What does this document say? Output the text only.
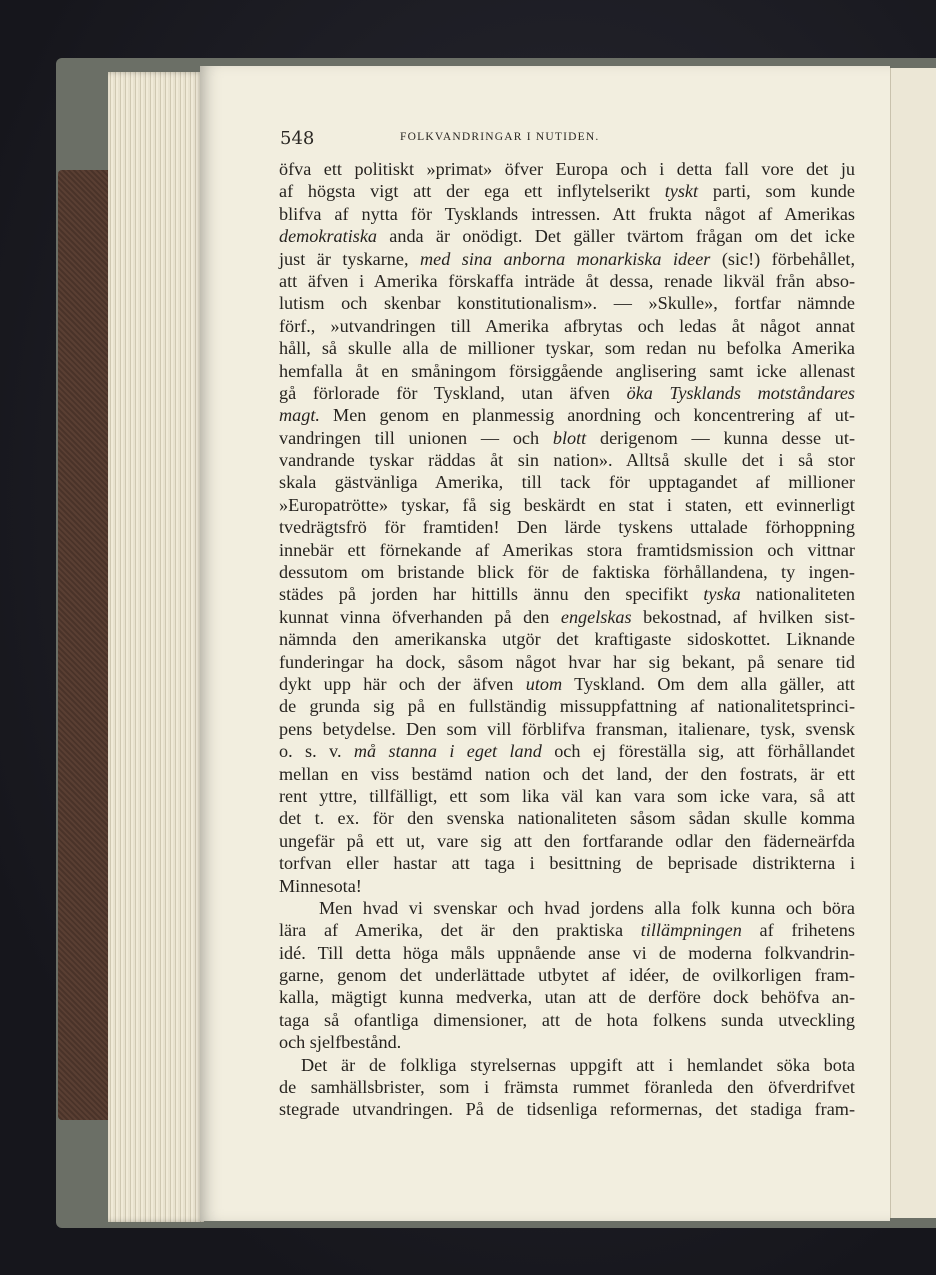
548	FOLKVANDRINGAR I NUTIDEN.
öfva ett politiskt »primat» öfver Europa och i detta fall vore det ju
af högsta vigt att der ega ett inflytelserikt tyskt parti, som kunde
blifva af nytta för Tysklands intressen. Att frukta något af Amerikas
demokratiska anda är onödigt. Det gäller tvärtom frågan om det icke
just är tyskarne, med sina anborna monarkiska ideer (sic!) förbehållet,
att äfven i Amerika förskaffa inträde åt dessa, renade likväl från abso-
lutism och skenbar konstitutionalism». — »Skulle», fortfar nämnde
förf., »utvandringen till Amerika afbrytas och ledas åt något annat
håll, så skulle alla de millioner tyskar, som redan nu befolka Amerika
hemfalla åt en småningom försiggående anglisering samt icke allenast
gå förlorade för Tyskland, utan äfven öka Tysklands motståndares
magt. Men genom en planmessig anordning och koncentrering af ut-
vandringen till unionen — och blott derigenom — kunna desse ut-
vandrande tyskar räddas åt sin nation». Alltså skulle det i så stor
skala gästvänliga Amerika, till tack för upptagandet af millioner
»Europatrötte» tyskar, få sig beskärdt en stat i staten, ett evinnerligt
tvedrägtsfrö för framtiden! Den lärde tyskens uttalade förhoppning
innebär ett förnekande af Amerikas stora framtidsmission och vittnar
dessutom om bristande blick för de faktiska förhållandena, ty ingen-
städes på jorden har hittills ännu den specifikt tyska nationaliteten
kunnat vinna öfverhanden på den engelskas bekostnad, af hvilken sist-
nämnda den amerikanska utgör det kraftigaste sidoskottet. Liknande
funderingar ha dock, såsom något hvar har sig bekant, på senare tid
dykt upp här och der äfven utom Tyskland. Om dem alla gäller, att
de grunda sig på en fullständig missuppfattning af nationalitetsprinci-
pens betydelse. Den som vill förblifva fransman, italienare, tysk, svensk
o. s. v. må stanna i eget land och ej föreställa sig, att förhållandet
mellan en viss bestämd nation och det land, der den fostrats, är ett
rent yttre, tillfälligt, ett som lika väl kan vara som icke vara, så att
det t. ex. för den svenska nationaliteten såsom sådan skulle komma
ungefär på ett ut, vare sig att den fortfarande odlar den fäderneärfda
torfvan eller hastar att taga i besittning de beprisade distrikterna i
Minnesota!
Men hvad vi svenskar och hvad jordens alla folk kunna och böra
lära af Amerika, det är den praktiska tillämpningen af frihetens
idé. Till detta höga måls uppnående anse vi de moderna folkvandrin-
garne, genom det underlättade utbytet af idéer, de ovilkorligen fram-
kalla, mägtigt kunna medverka, utan att de derföre dock behöfva an-
taga så ofantliga dimensioner, att de hota folkens sunda utveckling
och sjelfbestånd.
Det är de folkliga styrelsernas uppgift att i hemlandet söka bota
de samhällsbrister, som i främsta rummet föranleda den öfverdrifvet
stegrade utvandringen. På de tidsenliga reformernas, det stadiga fram-
